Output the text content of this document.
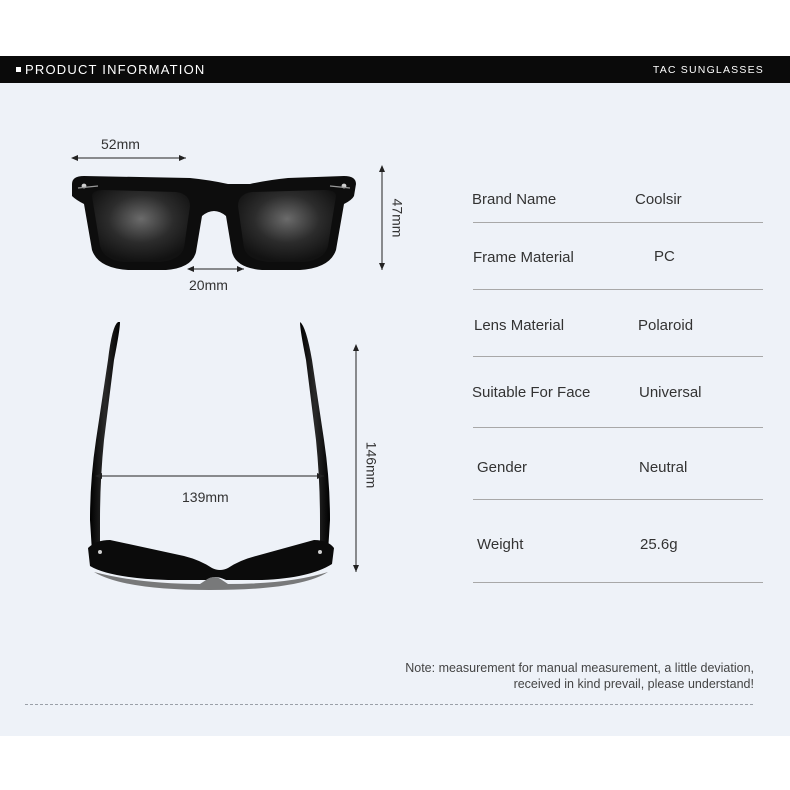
PRODUCT INFORMATION	TAC SUNGLASSES
52mm
20mm
47mm
139mm
146mm
Brand Name	Coolsir
Frame Material	PC
Lens Material	Polaroid
Suitable For Face	Universal
Gender	Neutral
Weight	25.6g
Note: measurement for manual measurement, a little deviation,
received in kind prevail, please understand!
